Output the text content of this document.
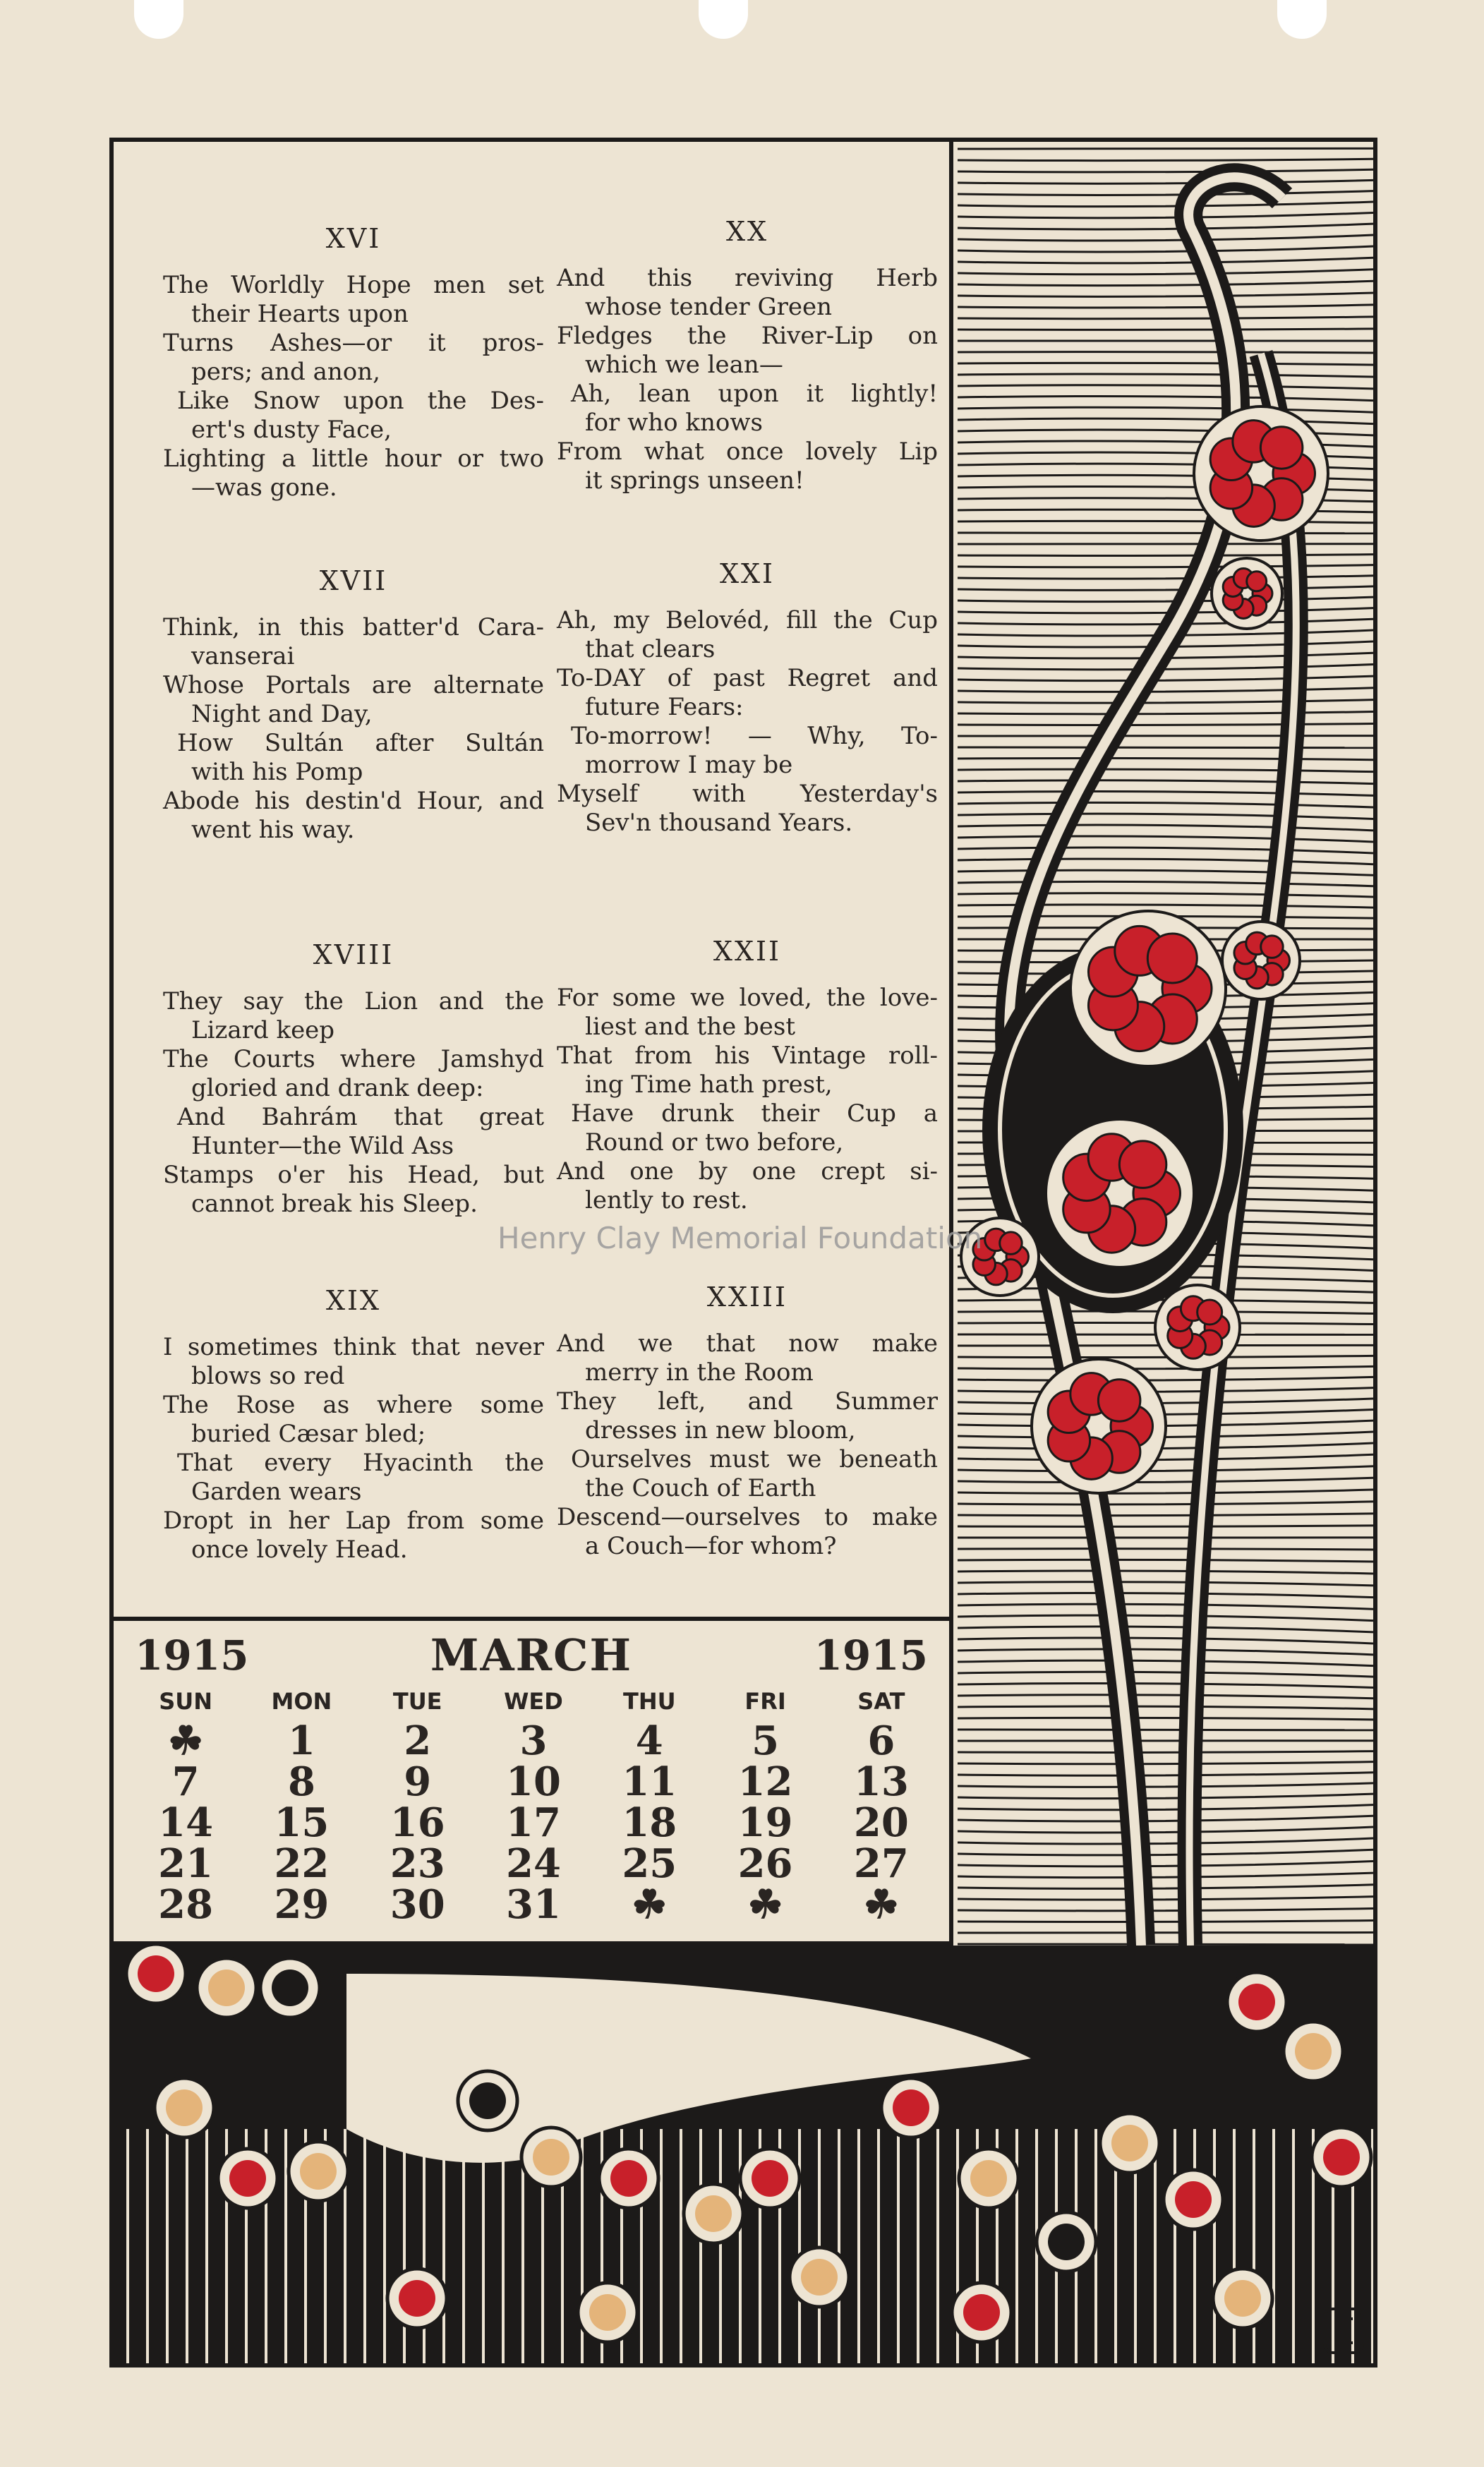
XVI
The Worldly Hope men set
their Hearts upon
Turns Ashes—or it pros-
pers; and anon,
Like Snow upon the Des-
ert's dusty Face,
Lighting a little hour or two
—was gone.
XX
And this reviving Herb
whose tender Green
Fledges the River-Lip on
which we lean—
Ah, lean upon it lightly!
for who knows
From what once lovely Lip
it springs unseen!
XVII
Think, in this batter'd Cara-
vanserai
Whose Portals are alternate
Night and Day,
How Sultán after Sultán
with his Pomp
Abode his destin'd Hour, and
went his way.
XXI
Ah, my Belovéd, fill the Cup
that clears
To-DAY of past Regret and
future Fears:
To-morrow! — Why, To-
morrow I may be
Myself with Yesterday's
Sev'n thousand Years.
XVIII
They say the Lion and the
Lizard keep
The Courts where Jamshyd
gloried and drank deep:
And Bahrám that great
Hunter—the Wild Ass
Stamps o'er his Head, but
cannot break his Sleep.
XXII
For some we loved, the love-
liest and the best
That from his Vintage roll-
ing Time hath prest,
Have drunk their Cup a
Round or two before,
And one by one crept si-
lently to rest.
XIX
I sometimes think that never
blows so red
The Rose as where some
buried Cæsar bled;
That every Hyacinth the
Garden wears
Dropt in her Lap from some
once lovely Head.
XXIII
And we that now make
merry in the Room
They left, and Summer
dresses in new bloom,
Ourselves must we beneath
the Couch of Earth
Descend—ourselves to make
a Couch—for whom?
1915	MARCH	1915
SUN	MON	TUE	WED	THU	FRI	SAT
☘	1	2	3	4	5	6
7	8	9	10	11	12	13
14	15	16	17	18	19	20
21	22	23	24	25	26	27
28	29	30	31	☘	☘	☘
Henry Clay Memorial Foundation
